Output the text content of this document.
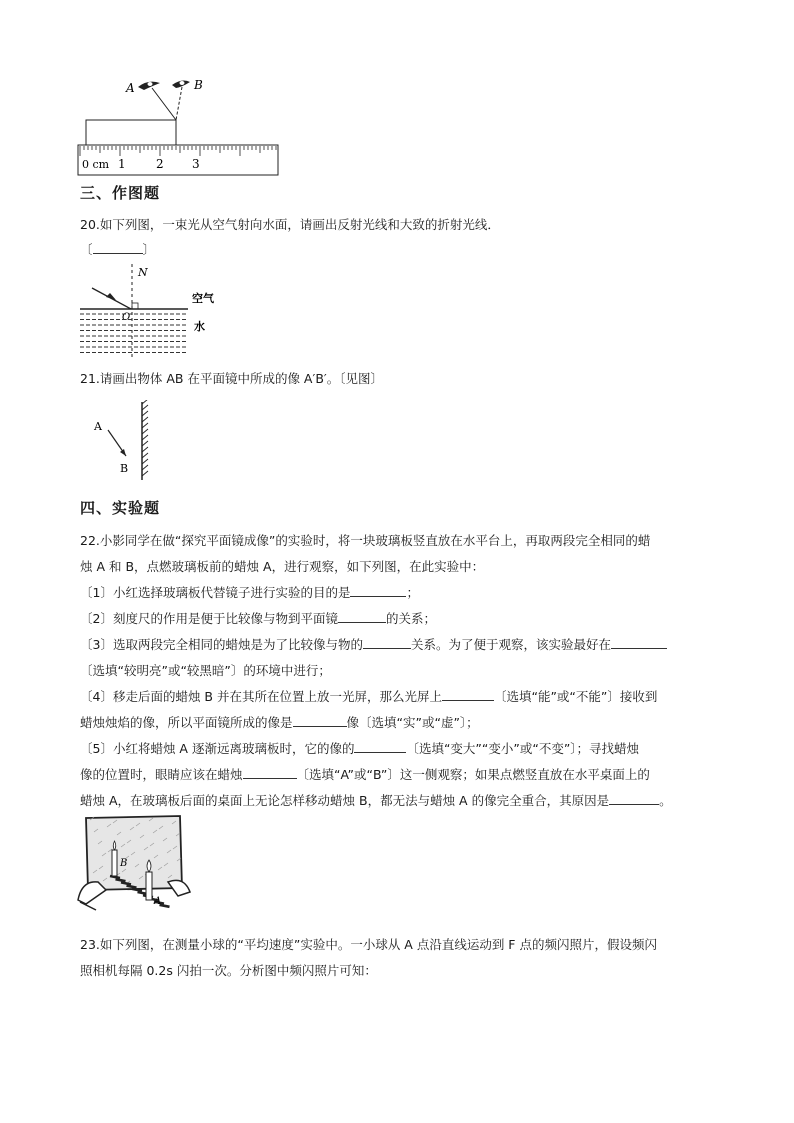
A	B
0 cm 1	2 3
三、作图题
20.如下列图，一束光从空气射向水面，请画出反射光线和大致的折射光线．
〔	〕
N
O
空气
水
21.请画出物体 AB 在平面镜中所成的像 A′B′。〔见图〕
A
B
四、实验题
22.小影同学在做“探究平面镜成像”的实验时，将一块玻璃板竖直放在水平台上，再取两段完全相同的蜡
烛 A 和 B，点燃玻璃板前的蜡烛 A，进行观察，如下列图，在此实验中：
〔1〕小红选择玻璃板代替镜子进行实验的目的是	；
〔2〕刻度尺的作用是便于比较像与物到平面镜	的关系；
〔3〕选取两段完全相同的蜡烛是为了比较像与物的	关系。为了便于观察，该实验最好在
〔选填“较明亮”或“较黑暗”〕的环境中进行；
〔4〕移走后面的蜡烛 B 并在其所在位置上放一光屏，那么光屏上	〔选填“能”或“不能”〕接收到
蜡烛烛焰的像，所以平面镜所成的像是	像〔选填“实”或“虚”〕；
〔5〕小红将蜡烛 A 逐渐远离玻璃板时，它的像的	〔选填“变大”“变小”或“不变”〕；寻找蜡烛
像的位置时，眼睛应该在蜡烛	〔选填“A”或“B”〕这一侧观察；如果点燃竖直放在水平桌面上的
蜡烛 A，在玻璃板后面的桌面上无论怎样移动蜡烛 B，都无法与蜡烛 A 的像完全重合，其原因是	。
B
A
23.如下列图，在测量小球的“平均速度”实验中。一小球从 A 点沿直线运动到 F 点的频闪照片，假设频闪
照相机每隔 0.2s 闪拍一次。分析图中频闪照片可知：
